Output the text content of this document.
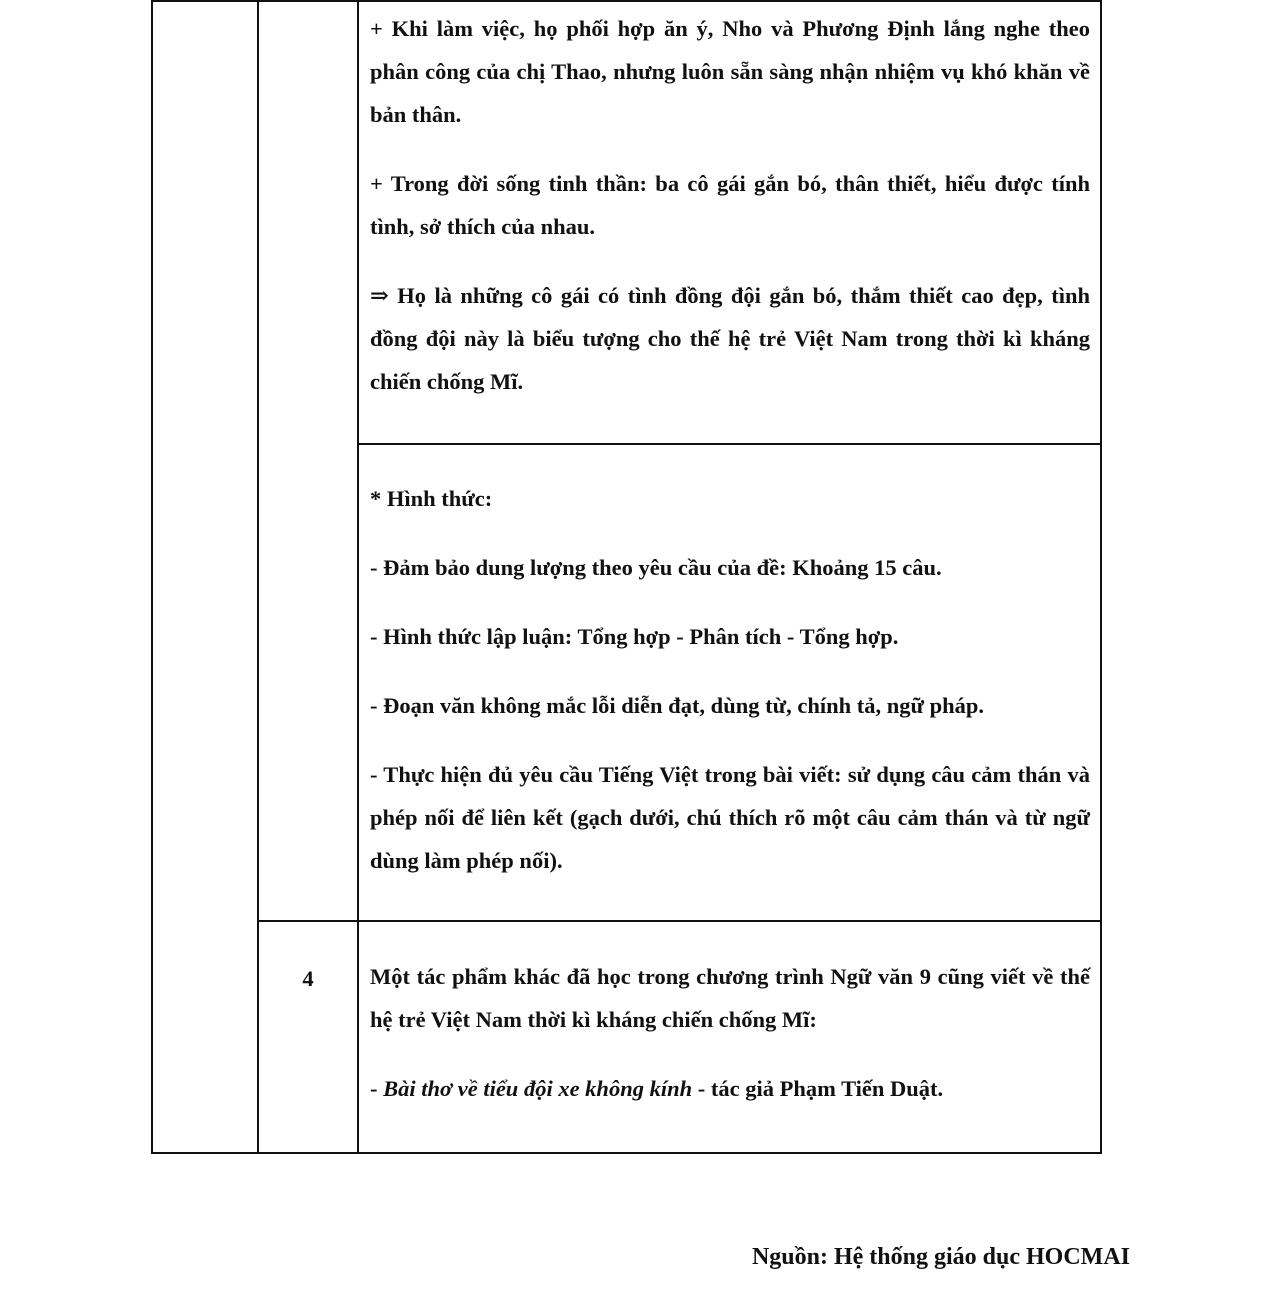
+ Khi làm việc, họ phối hợp ăn ý, Nho và Phương Định lắng nghe theo phân công của chị Thao, nhưng luôn sẵn sàng nhận nhiệm vụ khó khăn về bản thân.

+ Trong đời sống tinh thần: ba cô gái gắn bó, thân thiết, hiểu được tính tình, sở thích của nhau.

⇒ Họ là những cô gái có tình đồng đội gắn bó, thắm thiết cao đẹp, tình đồng đội này là biểu tượng cho thế hệ trẻ Việt Nam trong thời kì kháng chiến chống Mĩ.

* Hình thức:

- Đảm bảo dung lượng theo yêu cầu của đề: Khoảng 15 câu.

- Hình thức lập luận: Tổng hợp - Phân tích - Tổng hợp.

- Đoạn văn không mắc lỗi diễn đạt, dùng từ, chính tả, ngữ pháp.

- Thực hiện đủ yêu cầu Tiếng Việt trong bài viết: sử dụng câu cảm thán và phép nối để liên kết (gạch dưới, chú thích rõ một câu cảm thán và từ ngữ dùng làm phép nối).

4	Một tác phẩm khác đã học trong chương trình Ngữ văn 9 cũng viết về thế hệ trẻ Việt Nam thời kì kháng chiến chống Mĩ:

- Bài thơ về tiểu đội xe không kính - tác giả Phạm Tiến Duật.

Nguồn: Hệ thống giáo dục HOCMAI
